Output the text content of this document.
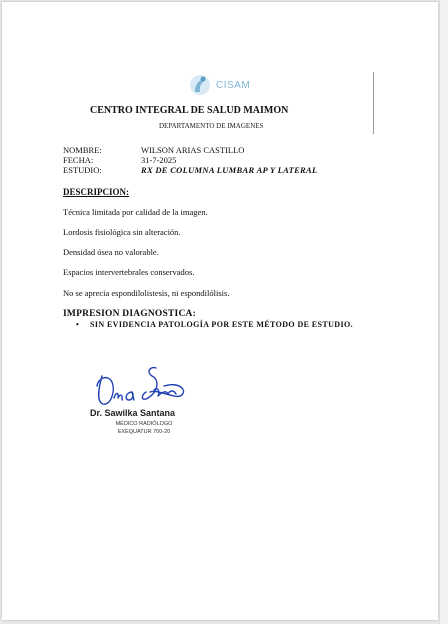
CISAM
CENTRO INTEGRAL DE SALUD MAIMON
DEPARTAMENTO DE IMAGENES
NOMBRE:	WILSON ARIAS CASTILLO
FECHA:	31-7-2025
ESTUDIO:	RX DE COLUMNA LUMBAR AP Y LATERAL
DESCRIPCION:
Técnica limitada por calidad de la imagen.
Lordosis fisiológica sin alteración.
Densidad ósea no valorable.
Espacios intervertebrales conservados.
No se aprecia espondilolistesis, ni espondilólisis.
IMPRESION DIAGNOSTICA:
• SIN EVIDENCIA PATOLOGÍA POR ESTE MÉTODO DE ESTUDIO.
Dr. Sawilka Santana
MÉDICO RADIÓLOGO
EXEQUATUR 700-20
